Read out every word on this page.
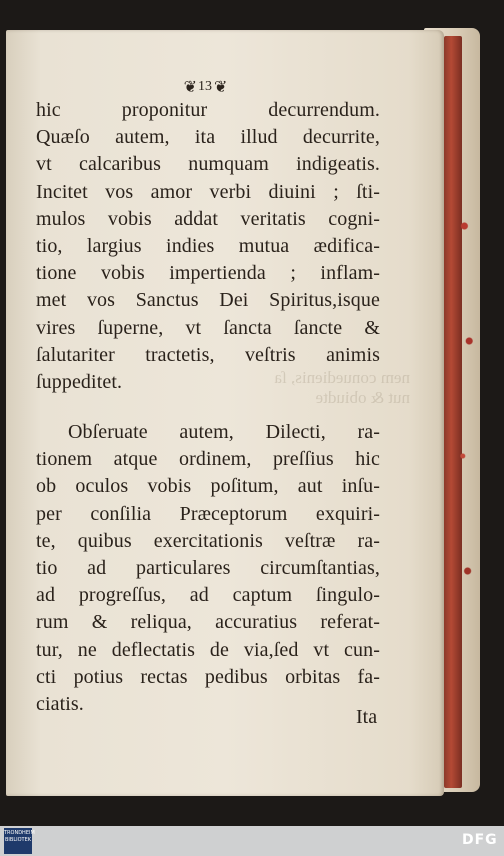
nem conuedienis, ſa
nut & obiudte
❦ 13 ❦
hic proponitur decurrendum.
Quæſo autem, ita illud decurrite,
vt calcaribus numquam indigeatis.
Incitet vos amor verbi diuini ; ſti-
mulos vobis addat veritatis cogni-
tio, largius indies mutua ædifica-
tione vobis impertienda ; inflam-
met vos Sanctus Dei Spiritus,isque
vires ſuperne, vt ſancta ſancte &
ſalutariter tractetis, veſtris animis
ſuppeditet.
Obſeruate autem, Dilecti, ra-
tionem atque ordinem, preſſius hic
ob oculos vobis poſitum, aut inſu-
per conſilia Præceptorum exquiri-
te, quibus exercitationis veſtræ ra-
tio ad particulares circumſtantias,
ad progreſſus, ad captum ſingulo-
rum & reliqua, accuratius referat-
tur, ne deflectatis de via,ſed vt cun-
cti potius rectas pedibus orbitas fa-
ciatis.
Ita
TRONDHEIM BIBLIOTEK	DFG
